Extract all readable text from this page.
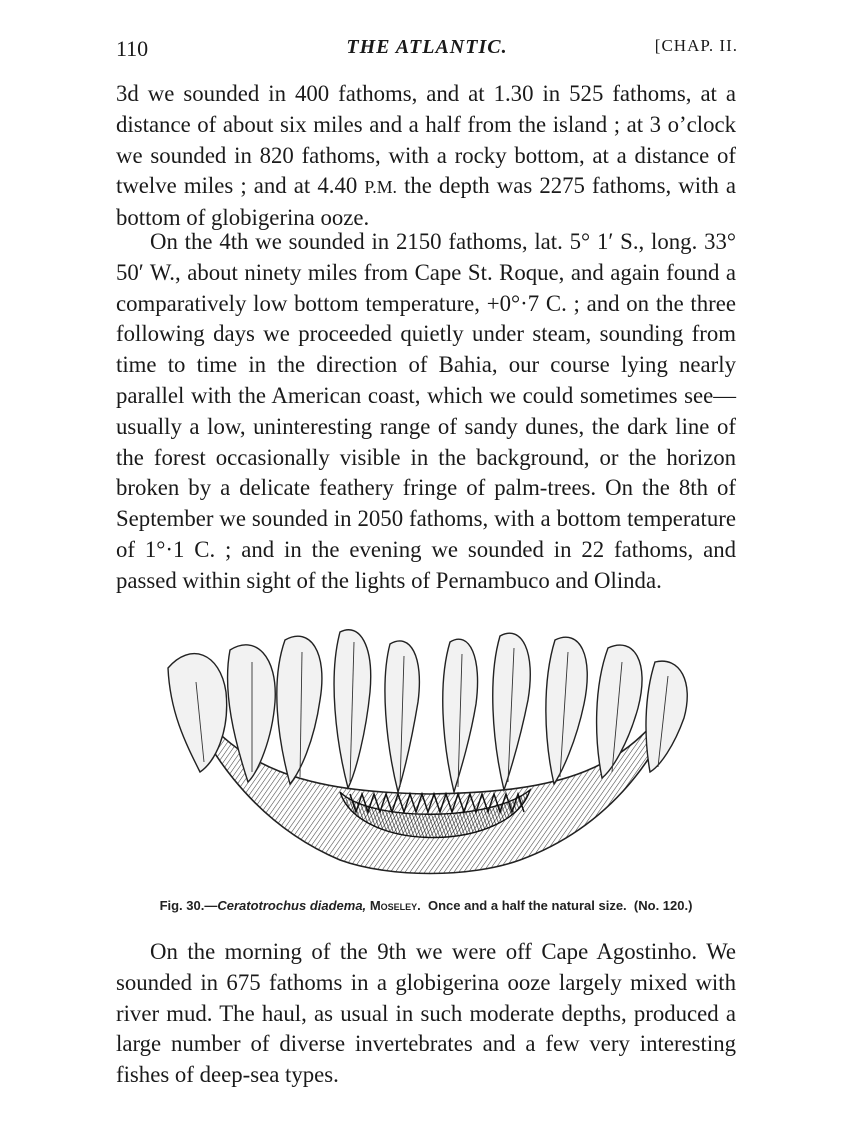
110	THE ATLANTIC.	[CHAP. II.

3d we sounded in 400 fathoms, and at 1.30 in 525 fathoms, at a distance of about six miles and a half from the island ; at 3 o’clock we sounded in 820 fathoms, with a rocky bottom, at a distance of twelve miles ; and at 4.40 P.M. the depth was 2275 fathoms, with a bottom of globigerina ooze.

On the 4th we sounded in 2150 fathoms, lat. 5° 1′ S., long. 33° 50′ W., about ninety miles from Cape St. Roque, and again found a comparatively low bottom temperature, +0°·7 C. ; and on the three following days we proceeded quietly under steam, sounding from time to time in the direction of Bahia, our course lying nearly parallel with the American coast, which we could sometimes see—usually a low, uninteresting range of sandy dunes, the dark line of the forest occasionally visible in the background, or the horizon broken by a delicate feathery fringe of palm-trees. On the 8th of September we sounded in 2050 fathoms, with a bottom temperature of 1°·1 C. ; and in the evening we sounded in 22 fathoms, and passed within sight of the lights of Pernambuco and Olinda.

Fig. 30.—Ceratotrochus diadema, Moseley. Once and a half the natural size. (No. 120.)

On the morning of the 9th we were off Cape Agostinho. We sounded in 675 fathoms in a globigerina ooze largely mixed with river mud. The haul, as usual in such moderate depths, produced a large number of diverse invertebrates and a few very interesting fishes of deep-sea types.
